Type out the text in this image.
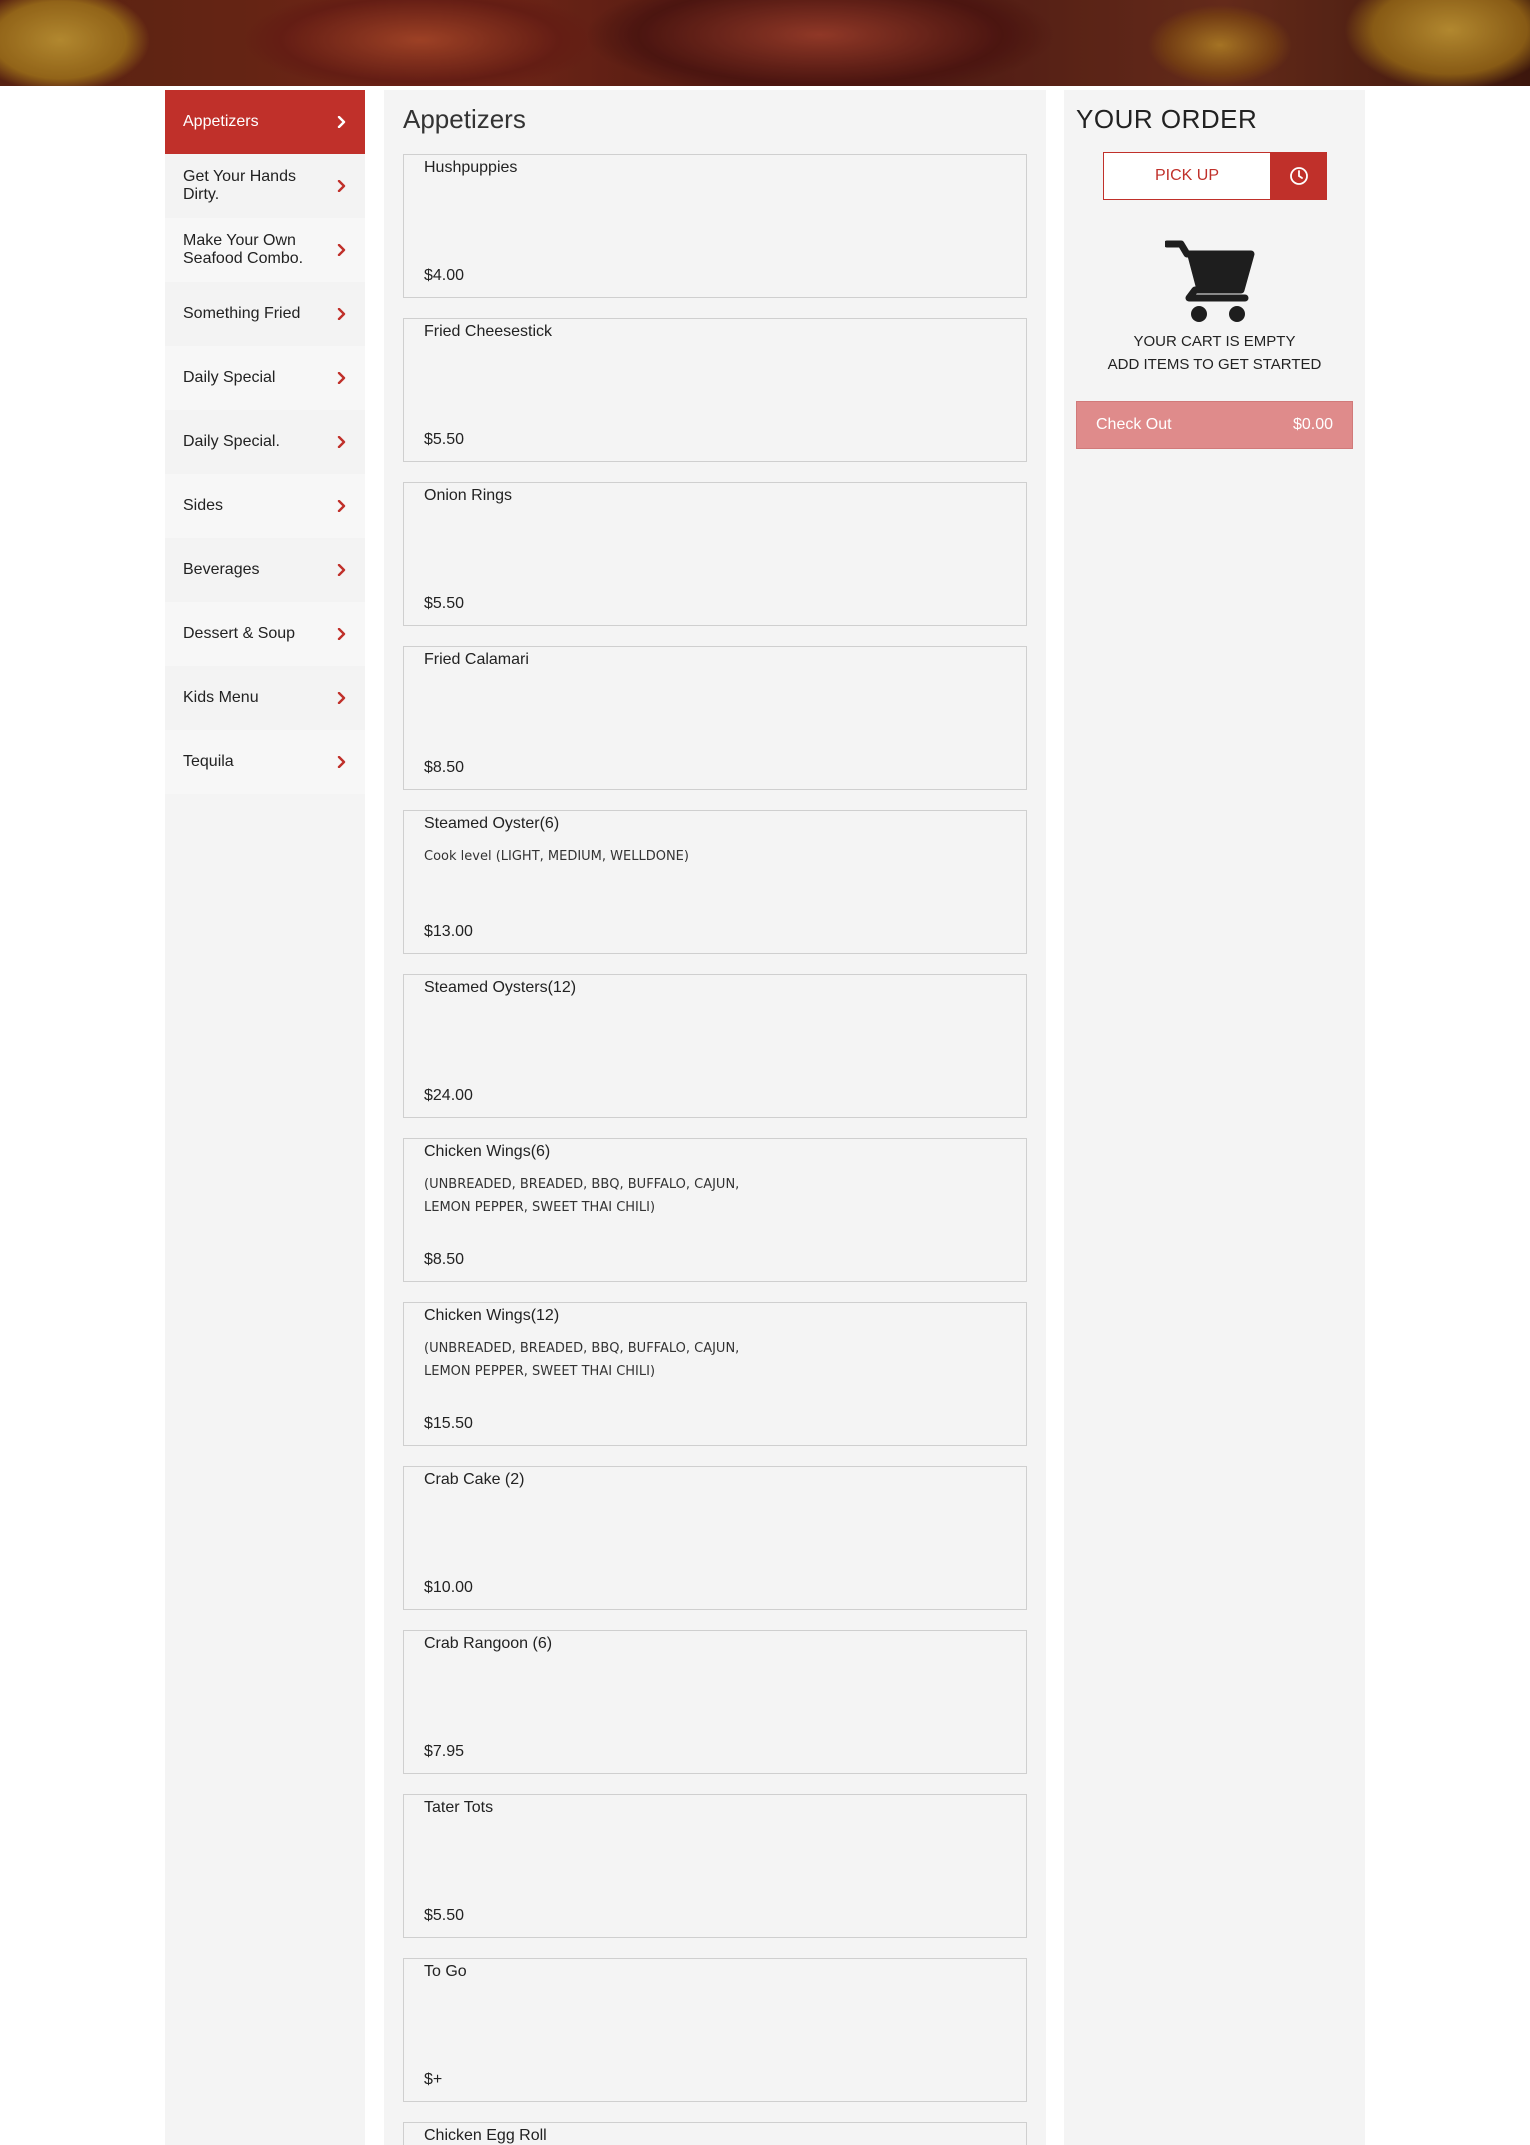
Appetizers
Get Your Hands Dirty.
Make Your Own Seafood Combo.
Something Fried
Daily Special
Daily Special.
Sides
Beverages
Dessert & Soup
Kids Menu
Tequila
Appetizers
Hushpuppies
$4.00
Fried Cheesestick
$5.50
Onion Rings
$5.50
Fried Calamari
$8.50
Steamed Oyster(6)
Cook level (LIGHT, MEDIUM, WELLDONE)
$13.00
Steamed Oysters(12)
$24.00
Chicken Wings(6)
(UNBREADED, BREADED, BBQ, BUFFALO, CAJUN, LEMON PEPPER, SWEET THAI CHILI)
$8.50
Chicken Wings(12)
(UNBREADED, BREADED, BBQ, BUFFALO, CAJUN, LEMON PEPPER, SWEET THAI CHILI)
$15.50
Crab Cake (2)
$10.00
Crab Rangoon (6)
$7.95
Tater Tots
$5.50
To Go
$+
Chicken Egg Roll
YOUR ORDER
PICK UP
YOUR CART IS EMPTY
ADD ITEMS TO GET STARTED
Check Out	$0.00
